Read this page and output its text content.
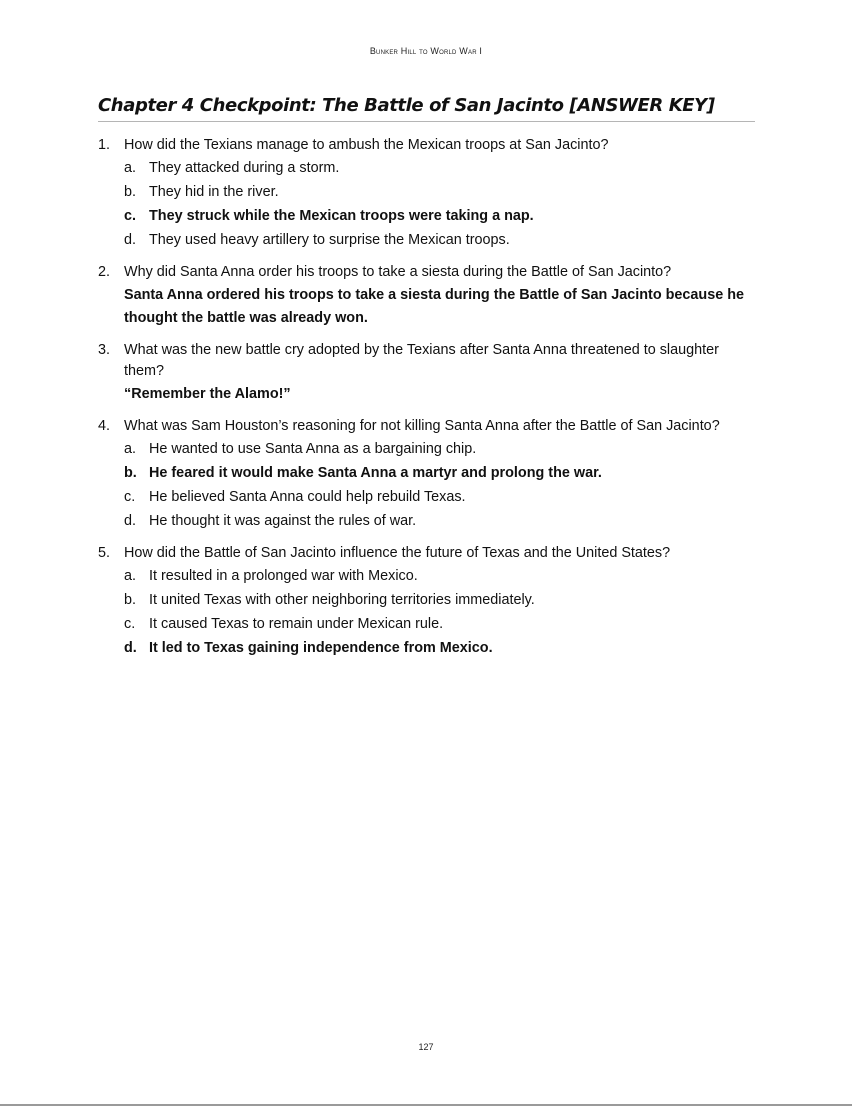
Bunker Hill to World War I
Chapter 4 Checkpoint: The Battle of San Jacinto [ANSWER KEY]
1. How did the Texians manage to ambush the Mexican troops at San Jacinto?
a. They attacked during a storm.
b. They hid in the river.
c. They struck while the Mexican troops were taking a nap.
d. They used heavy artillery to surprise the Mexican troops.
2. Why did Santa Anna order his troops to take a siesta during the Battle of San Jacinto?
Santa Anna ordered his troops to take a siesta during the Battle of San Jacinto because he thought the battle was already won.
3. What was the new battle cry adopted by the Texians after Santa Anna threatened to slaughter them?
“Remember the Alamo!”
4. What was Sam Houston’s reasoning for not killing Santa Anna after the Battle of San Jacinto?
a. He wanted to use Santa Anna as a bargaining chip.
b. He feared it would make Santa Anna a martyr and prolong the war.
c. He believed Santa Anna could help rebuild Texas.
d. He thought it was against the rules of war.
5. How did the Battle of San Jacinto influence the future of Texas and the United States?
a. It resulted in a prolonged war with Mexico.
b. It united Texas with other neighboring territories immediately.
c. It caused Texas to remain under Mexican rule.
d. It led to Texas gaining independence from Mexico.
127
